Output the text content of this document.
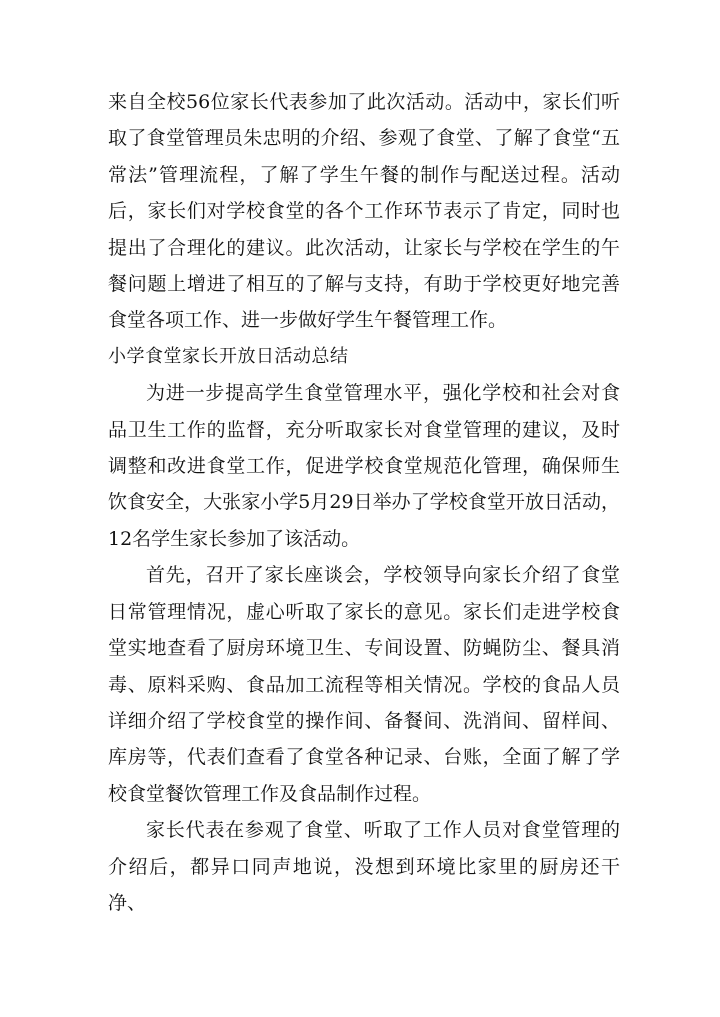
来自全校56位家长代表参加了此次活动。活动中，家长们听取了食堂管理员朱忠明的介绍、参观了食堂、了解了食堂“五常法”管理流程，了解了学生午餐的制作与配送过程。活动后，家长们对学校食堂的各个工作环节表示了肯定，同时也提出了合理化的建议。此次活动，让家长与学校在学生的午餐问题上增进了相互的了解与支持，有助于学校更好地完善食堂各项工作、进一步做好学生午餐管理工作。

小学食堂家长开放日活动总结

为进一步提高学生食堂管理水平，强化学校和社会对食品卫生工作的监督，充分听取家长对食堂管理的建议，及时调整和改进食堂工作，促进学校食堂规范化管理，确保师生饮食安全，大张家小学5月29日举办了学校食堂开放日活动，12名学生家长参加了该活动。

首先，召开了家长座谈会，学校领导向家长介绍了食堂日常管理情况，虚心听取了家长的意见。家长们走进学校食堂实地查看了厨房环境卫生、专间设置、防蝇防尘、餐具消毒、原料采购、食品加工流程等相关情况。学校的食品人员详细介绍了学校食堂的操作间、备餐间、洗消间、留样间、库房等，代表们查看了食堂各种记录、台账，全面了解了学校食堂餐饮管理工作及食品制作过程。

家长代表在参观了食堂、听取了工作人员对食堂管理的介绍后，都异口同声地说，没想到环境比家里的厨房还干净、
